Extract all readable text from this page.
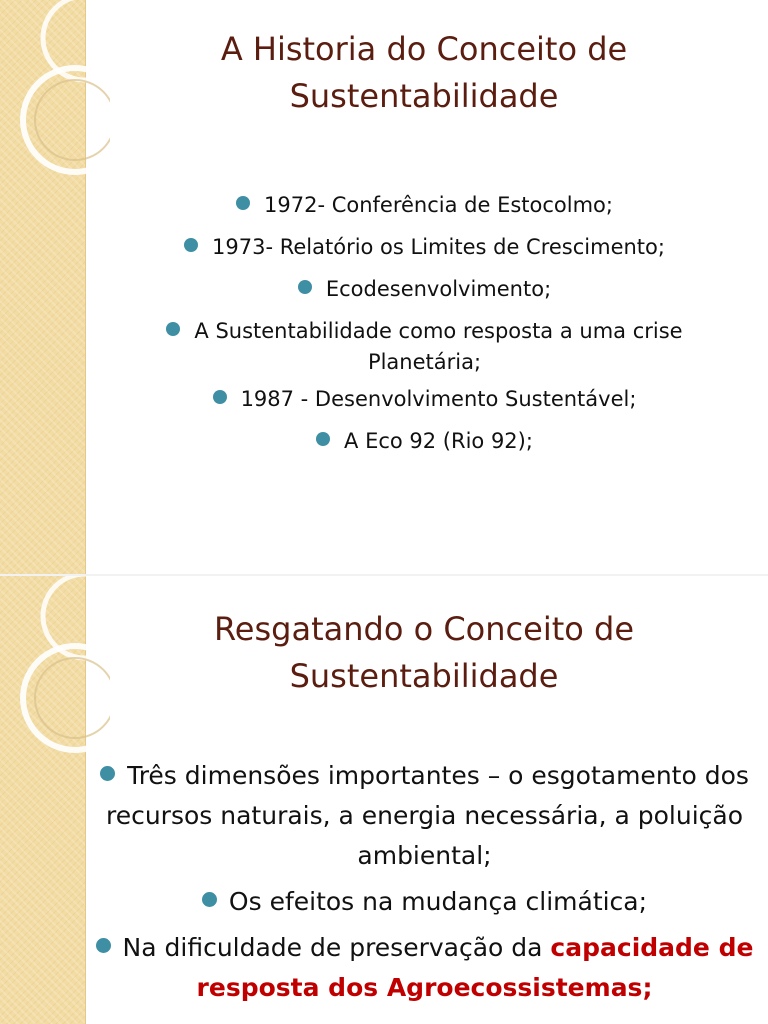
A Historia do Conceito de
Sustentabilidade
1972- Conferência de Estocolmo;
1973- Relatório os Limites de Crescimento;
Ecodesenvolvimento;
A Sustentabilidade como resposta a uma crise Planetária;
1987 - Desenvolvimento Sustentável;
A Eco 92 (Rio 92);
Resgatando o Conceito de
Sustentabilidade
Três dimensões importantes – o esgotamento dos recursos naturais, a energia necessária, a poluição ambiental;
Os efeitos na mudança climática;
Na dificuldade de preservação da capacidade de resposta dos Agroecossistemas;
